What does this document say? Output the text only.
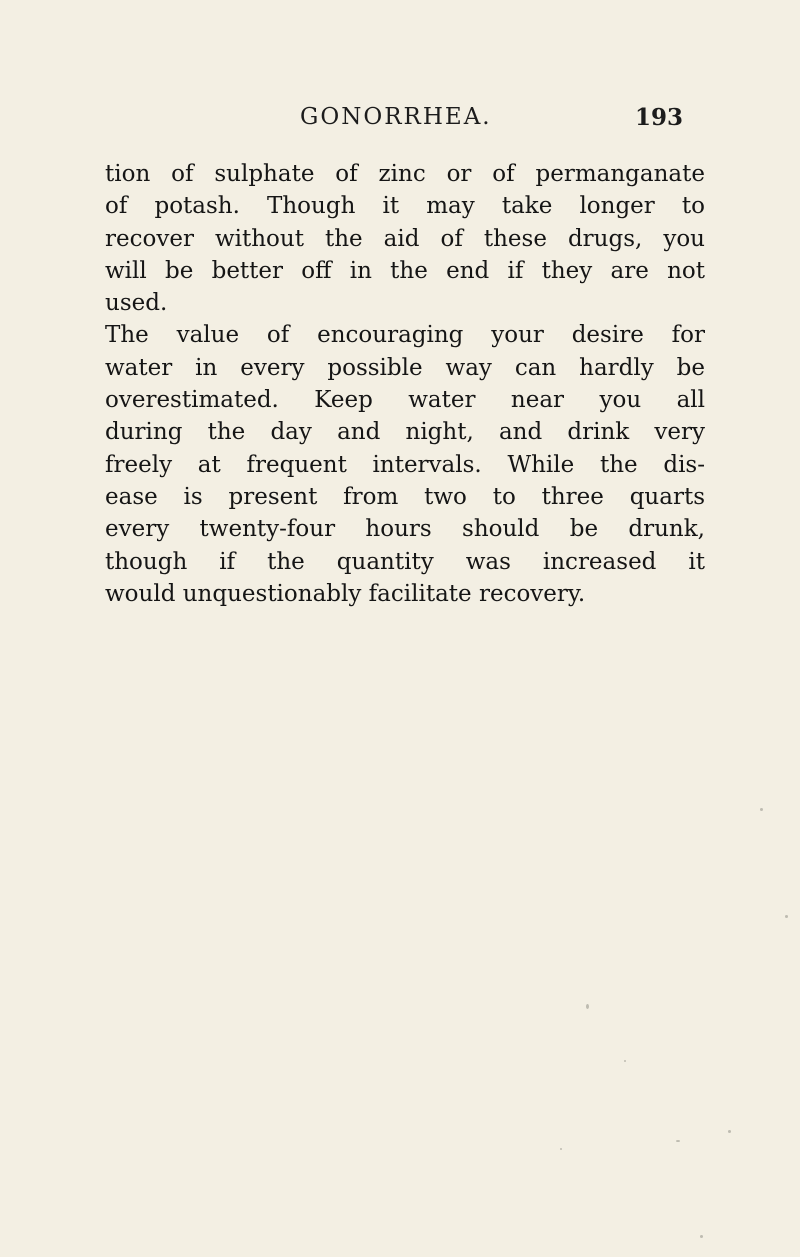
GONORRHEA.	193
tion of sulphate of zinc or of permanganate
of potash. Though it may take longer to
recover without the aid of these drugs, you
will be better off in the end if they are not
used.
The value of encouraging your desire for
water in every possible way can hardly be
overestimated. Keep water near you all
during the day and night, and drink very
freely at frequent intervals. While the dis-
ease is present from two to three quarts
every twenty-four hours should be drunk,
though if the quantity was increased it
would unquestionably facilitate recovery.
